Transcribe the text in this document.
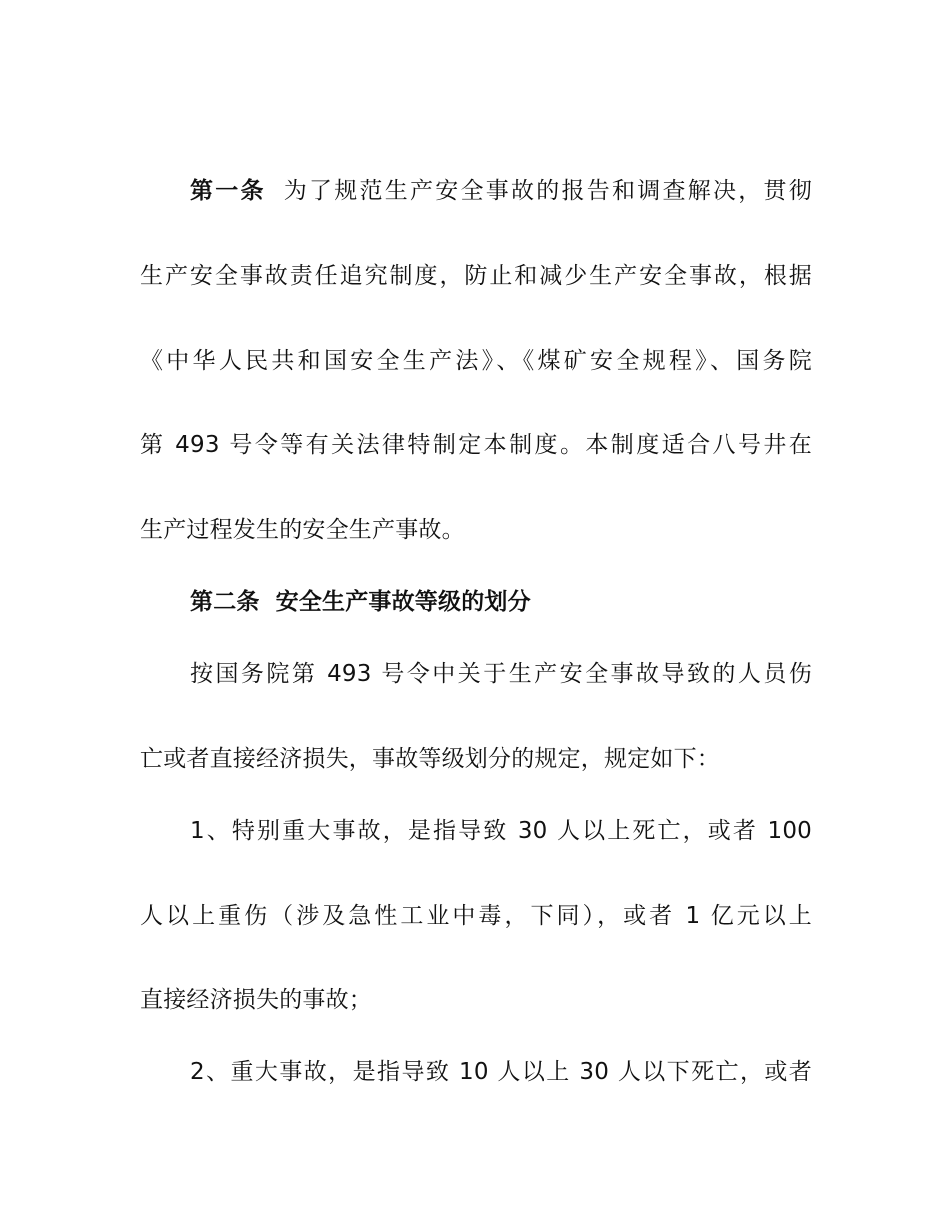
第一条 为了规范生产安全事故的报告和调查解决，贯彻
生产安全事故责任追究制度，防止和减少生产安全事故，根据
《中华人民共和国安全生产法》、《煤矿安全规程》、国务院
第 493 号令等有关法律特制定本制度。本制度适合八号井在
生产过程发生的安全生产事故。
第二条 安全生产事故等级的划分
按国务院第 493 号令中关于生产安全事故导致的人员伤
亡或者直接经济损失，事故等级划分的规定，规定如下：
1、特别重大事故，是指导致 30 人以上死亡，或者 100
人以上重伤（涉及急性工业中毒，下同），或者 1 亿元以上
直接经济损失的事故；
2、重大事故，是指导致 10 人以上 30 人以下死亡，或者
